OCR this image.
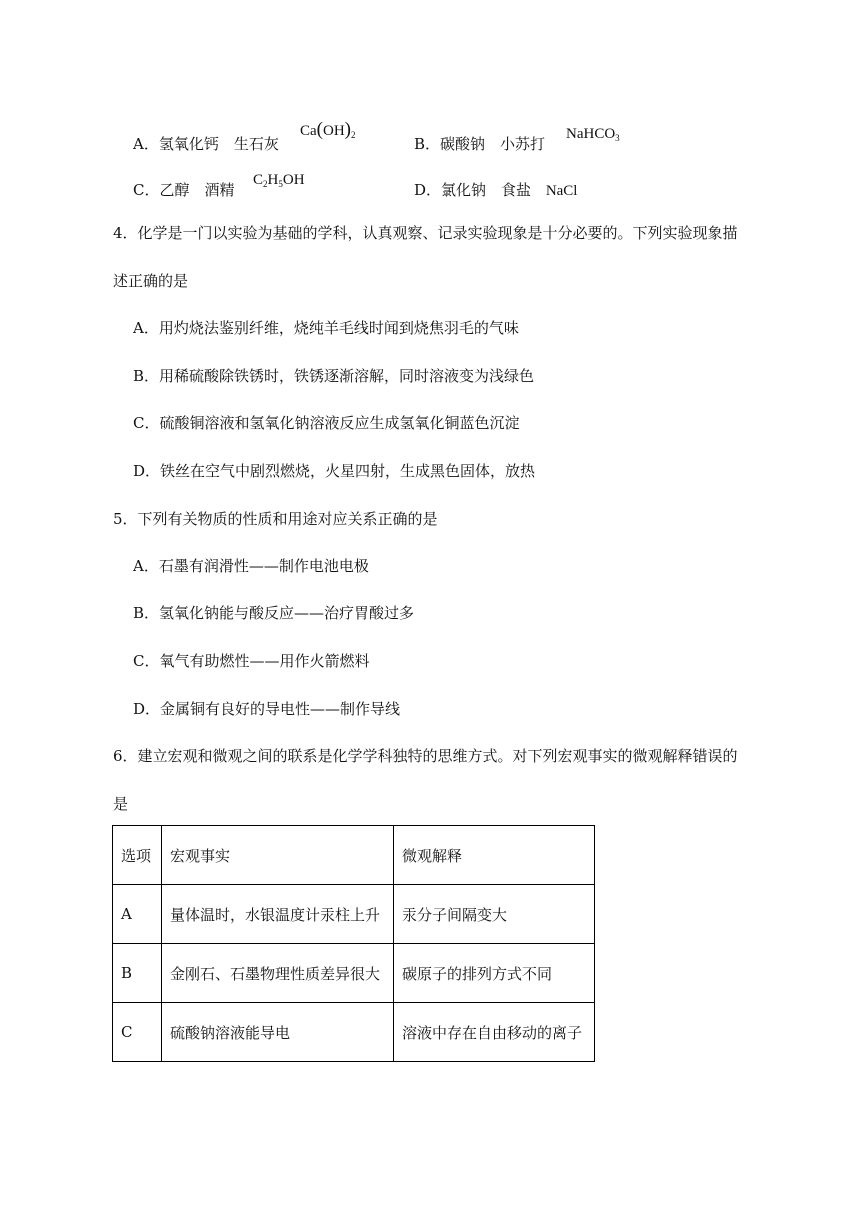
A．氢氧化钙　生石灰
$Ca(OH)_2$	B．碳酸钠　小苏打
NaHCO$_3$
C．乙醇　酒精
$C_2H_5OH$
D．氯化钠　食盐 NaCl
4．化学是一门以实验为基础的学科，认真观察、记录实验现象是十分必要的。下列实验现象描
述正确的是
A．用灼烧法鉴别纤维，烧纯羊毛线时闻到烧焦羽毛的气味
B．用稀硫酸除铁锈时，铁锈逐渐溶解，同时溶液变为浅绿色
C．硫酸铜溶液和氢氧化钠溶液反应生成氢氧化铜蓝色沉淀
D．铁丝在空气中剧烈燃烧，火星四射，生成黑色固体，放热
5．下列有关物质的性质和用途对应关系正确的是
A．石墨有润滑性——制作电池电极
B．氢氧化钠能与酸反应——治疗胃酸过多
C．氧气有助燃性——用作火箭燃料
D．金属铜有良好的导电性——制作导线
6．建立宏观和微观之间的联系是化学学科独特的思维方式。对下列宏观事实的微观解释错误的
是
选项	宏观事实	微观解释
A	量体温时，水银温度计汞柱上升	汞分子间隔变大
B	金刚石、石墨物理性质差异很大	碳原子的排列方式不同
C	硫酸钠溶液能导电	溶液中存在自由移动的离子
